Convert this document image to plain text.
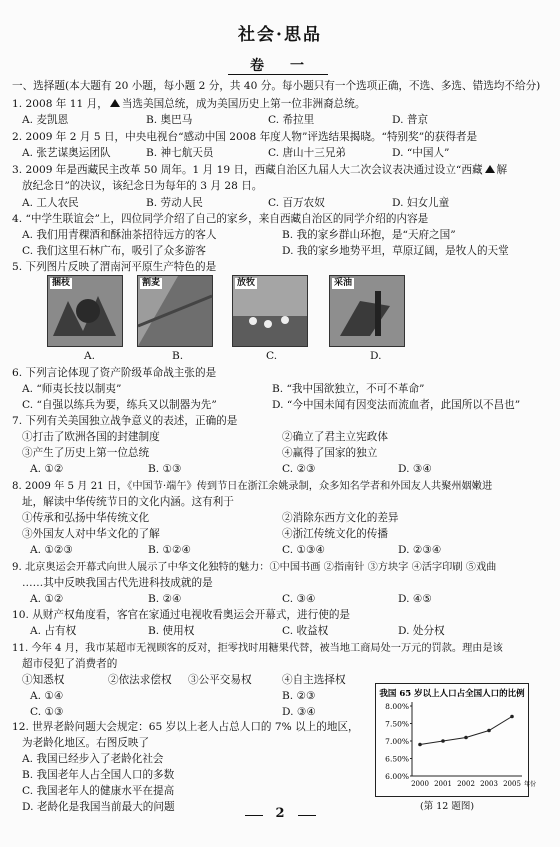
社会·思品
卷　一
一、选择题(本大题有 20 小题，每小题 2 分，共 40 分。每小题只有一个选项正确，不选、多选、错选均不给分)
1. 2008 年 11 月， 当选美国总统，成为美国历史上第一位非洲裔总统。
A. 麦凯恩	B. 奥巴马	C. 希拉里	D. 普京
2. 2009 年 2 月 5 日，中央电视台“感动中国 2008 年度人物”评选结果揭晓。“特别奖”的获得者是
A. 张艺谋奥运团队	B. 神七航天员	C. 唐山十三兄弟	D. “中国人”
3. 2009 年是西藏民主改革 50 周年。1 月 19 日，西藏自治区九届人大二次会议表决通过设立“西藏 解
放纪念日”的决议，该纪念日为每年的 3 月 28 日。
A. 工人农民	B. 劳动人民	C. 百万农奴	D. 妇女儿童
4. “中学生联谊会”上，四位同学介绍了自己的家乡，来自西藏自治区的同学介绍的内容是
A. 我们用青稞酒和酥油茶招待远方的客人	B. 我的家乡群山环抱，是“天府之国”
C. 我们这里石林广布，吸引了众多游客	D. 我的家乡地势平坦，草原辽阔，是牧人的天堂
5. 下列图片反映了渭南河平原生产特色的是
捆枝	割麦	放牧	采油
A.	B.	C.	D.
6. 下列言论体现了资产阶级革命战主张的是
A. “师夷长技以制夷”	B. “我中国欲独立，不可不革命”
C. “自强以练兵为要，练兵又以制器为先”	D. “今中国未闻有因变法而流血者，此国所以不昌也”
7. 下列有关美国独立战争意义的表述，正确的是
①打击了欧洲各国的封建制度	②确立了君主立宪政体
③产生了历史上第一位总统	④赢得了国家的独立
A. ①②	B. ①③	C. ②③	D. ③④
8. 2009 年 5 月 21 日，《中国节·端午》传到节日在浙江余姚录制，众多知名学者和外国友人共聚州姻嫩进
址，解读中华传统节日的文化内涵。这有利于
①传承和弘扬中华传统文化	②消除东西方文化的差异
③外国友人对中华文化的了解	④浙江传统文化的传播
A. ①②③	B. ①②④	C. ①③④	D. ②③④
9. 北京奥运会开幕式向世人展示了中华文化独特的魅力：①中国书画 ②指南针 ③方块字 ④活字印刷 ⑤戏曲
……其中反映我国古代先进科技成就的是
A. ①②	B. ②④	C. ③④	D. ④⑤
10. 从财产权角度看，客官在家通过电视收看奥运会开幕式，进行使的是
A. 占有权	B. 使用权	C. 收益权	D. 处分权
11. 今年 4 月，我市某超市无视顾客的反对，拒零找时用糖果代替，被当地工商局处一万元的罚款。理由是该
超市侵犯了消费者的
①知悉权	②依法求偿权 ③公平交易权	④自主选择权
A. ①④	B. ②③
C. ①③	D. ③④
12. 世界老龄问题大会规定：65 岁以上老人占总人口的 7% 以上的地区，
为老龄化地区。右图反映了
A. 我国已经步入了老龄化社会
B. 我国老年人占全国人口的多数
C. 我国老年人的健康水平在提高
D. 老龄化是我国当前最大的问题
我国 65 岁以上人口占全国人口的比例
8.00%
7.50%
7.00%
6.50%
6.00%
2000 2001 2002 2003 2005 年份
(第 12 题图)
2
